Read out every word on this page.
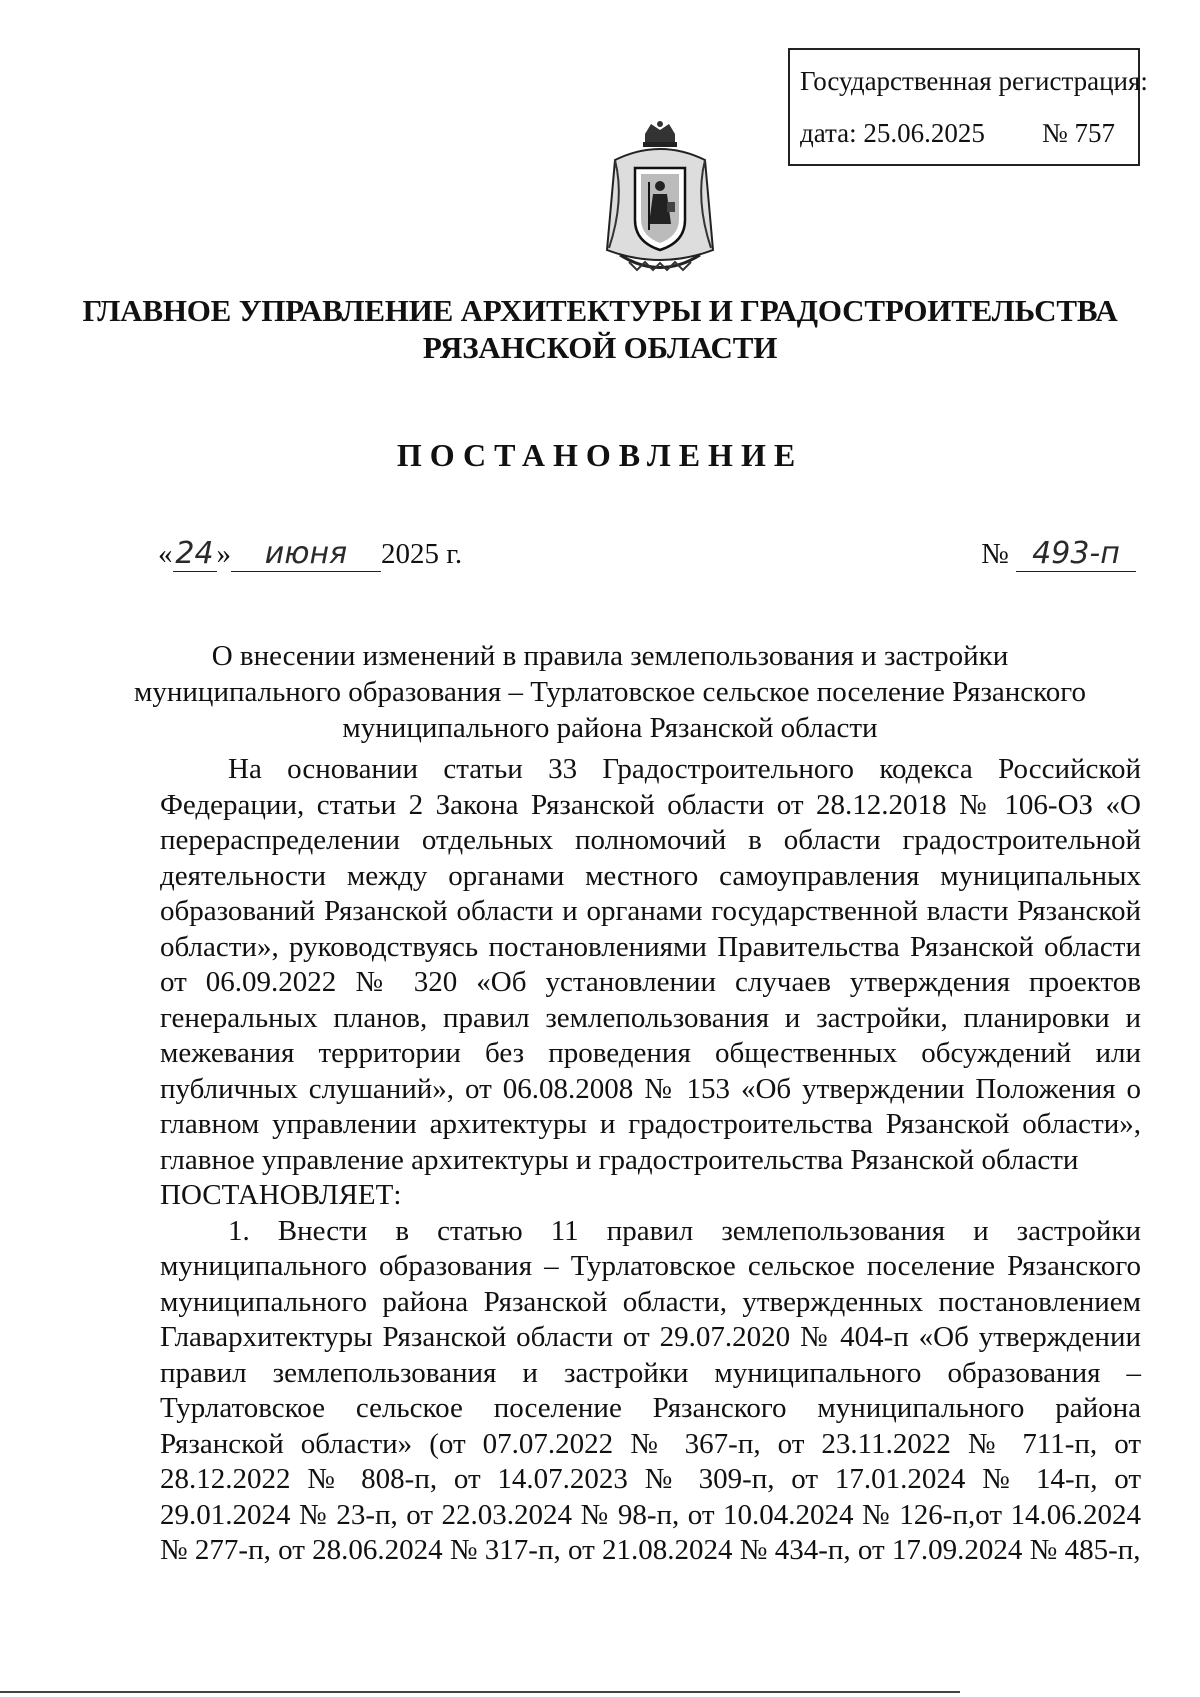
Государственная регистрация:
дата: 25.06.2025 № 757
ГЛАВНОЕ УПРАВЛЕНИЕ АРХИТЕКТУРЫ И ГРАДОСТРОИТЕЛЬСТВА
РЯЗАНСКОЙ ОБЛАСТИ
ПОСТАНОВЛЕНИЕ
«24 » июня 2025 г.	№ 493-п
О внесении изменений в правила землепользования и застройки
муниципального образования – Турлатовское сельское поселение Рязанского
муниципального района Рязанской области

На основании статьи 33 Градостроительного кодекса Российской Федерации, статьи 2 Закона Рязанской области от 28.12.2018 № 106-ОЗ «О перераспределении отдельных полномочий в области градостроительной деятельности между органами местного самоуправления муниципальных образований Рязанской области и органами государственной власти Рязанской области», руководствуясь постановлениями Правительства Рязанской области от 06.09.2022 № 320 «Об установлении случаев утверждения проектов генеральных планов, правил землепользования и застройки, планировки и межевания территории без проведения общественных обсуждений или публичных слушаний», от 06.08.2008 № 153 «Об утверждении Положения о главном управлении архитектуры и градостроительства Рязанской области», главное управление архитектуры и градостроительства Рязанской области

ПОСТАНОВЛЯЕТ:

1. Внести в статью 11 правил землепользования и застройки муниципального образования – Турлатовское сельское поселение Рязанского муниципального района Рязанской области, утвержденных постановлением Главархитектуры Рязанской области от 29.07.2020 № 404-п «Об утверждении правил землепользования и застройки муниципального образования – Турлатовское сельское поселение Рязанского муниципального района Рязанской области» (от 07.07.2022 № 367-п, от 23.11.2022 № 711-п, от 28.12.2022 № 808-п, от 14.07.2023 № 309-п, от 17.01.2024 № 14-п, от 29.01.2024 № 23-п, от 22.03.2024 № 98-п, от 10.04.2024 № 126-п,от 14.06.2024 № 277-п, от 28.06.2024 № 317-п, от 21.08.2024 № 434-п, от 17.09.2024 № 485-п,
